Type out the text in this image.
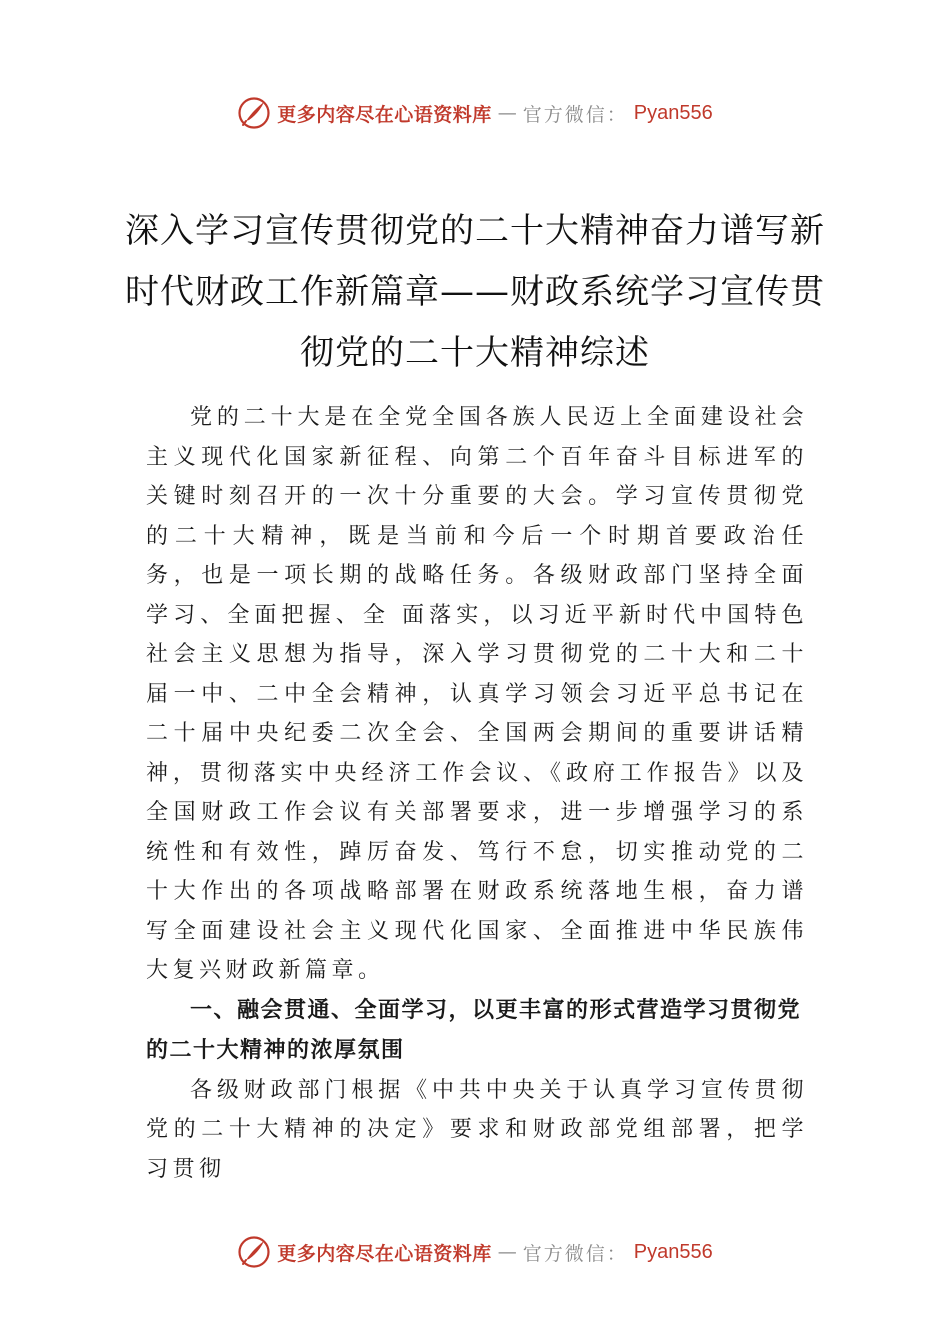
更多内容尽在心语资料库 — 官方微信： Pyan556
深入学习宣传贯彻党的二十大精神奋力谱写新时代财政工作新篇章——财政系统学习宣传贯彻党的二十大精神综述

党的二十大是在全党全国各族人民迈上全面建设社会主义现代化国家新征程、向第二个百年奋斗目标进军的关键时刻召开的一次十分重要的大会。学习宣传贯彻党的二十大精神，既是当前和今后一个时期首要政治任务，也是一项长期的战略任务。各级财政部门坚持全面学习、全面把握、全 面落实，以习近平新时代中国特色社会主义思想为指导，深入学习贯彻党的二十大和二十届一中、二中全会精神，认真学习领会习近平总书记在二十届中央纪委二次全会、全国两会期间的重要讲话精神，贯彻落实中央经济工作会议、《政府工作报告》以及全国财政工作会议有关部署要求，进一步增强学习的系统性和有效性，踔厉奋发、笃行不怠，切实推动党的二十大作出的各项战略部署在财政系统落地生根，奋力谱写全面建设社会主义现代化国家、全面推进中华民族伟大复兴财政新篇章。

一、融会贯通、全面学习，以更丰富的形式营造学习贯彻党的二十大精神的浓厚氛围

各级财政部门根据《中共中央关于认真学习宣传贯彻党的二十大精神的决定》要求和财政部党组部署，把学习贯彻

更多内容尽在心语资料库 — 官方微信： Pyan556
